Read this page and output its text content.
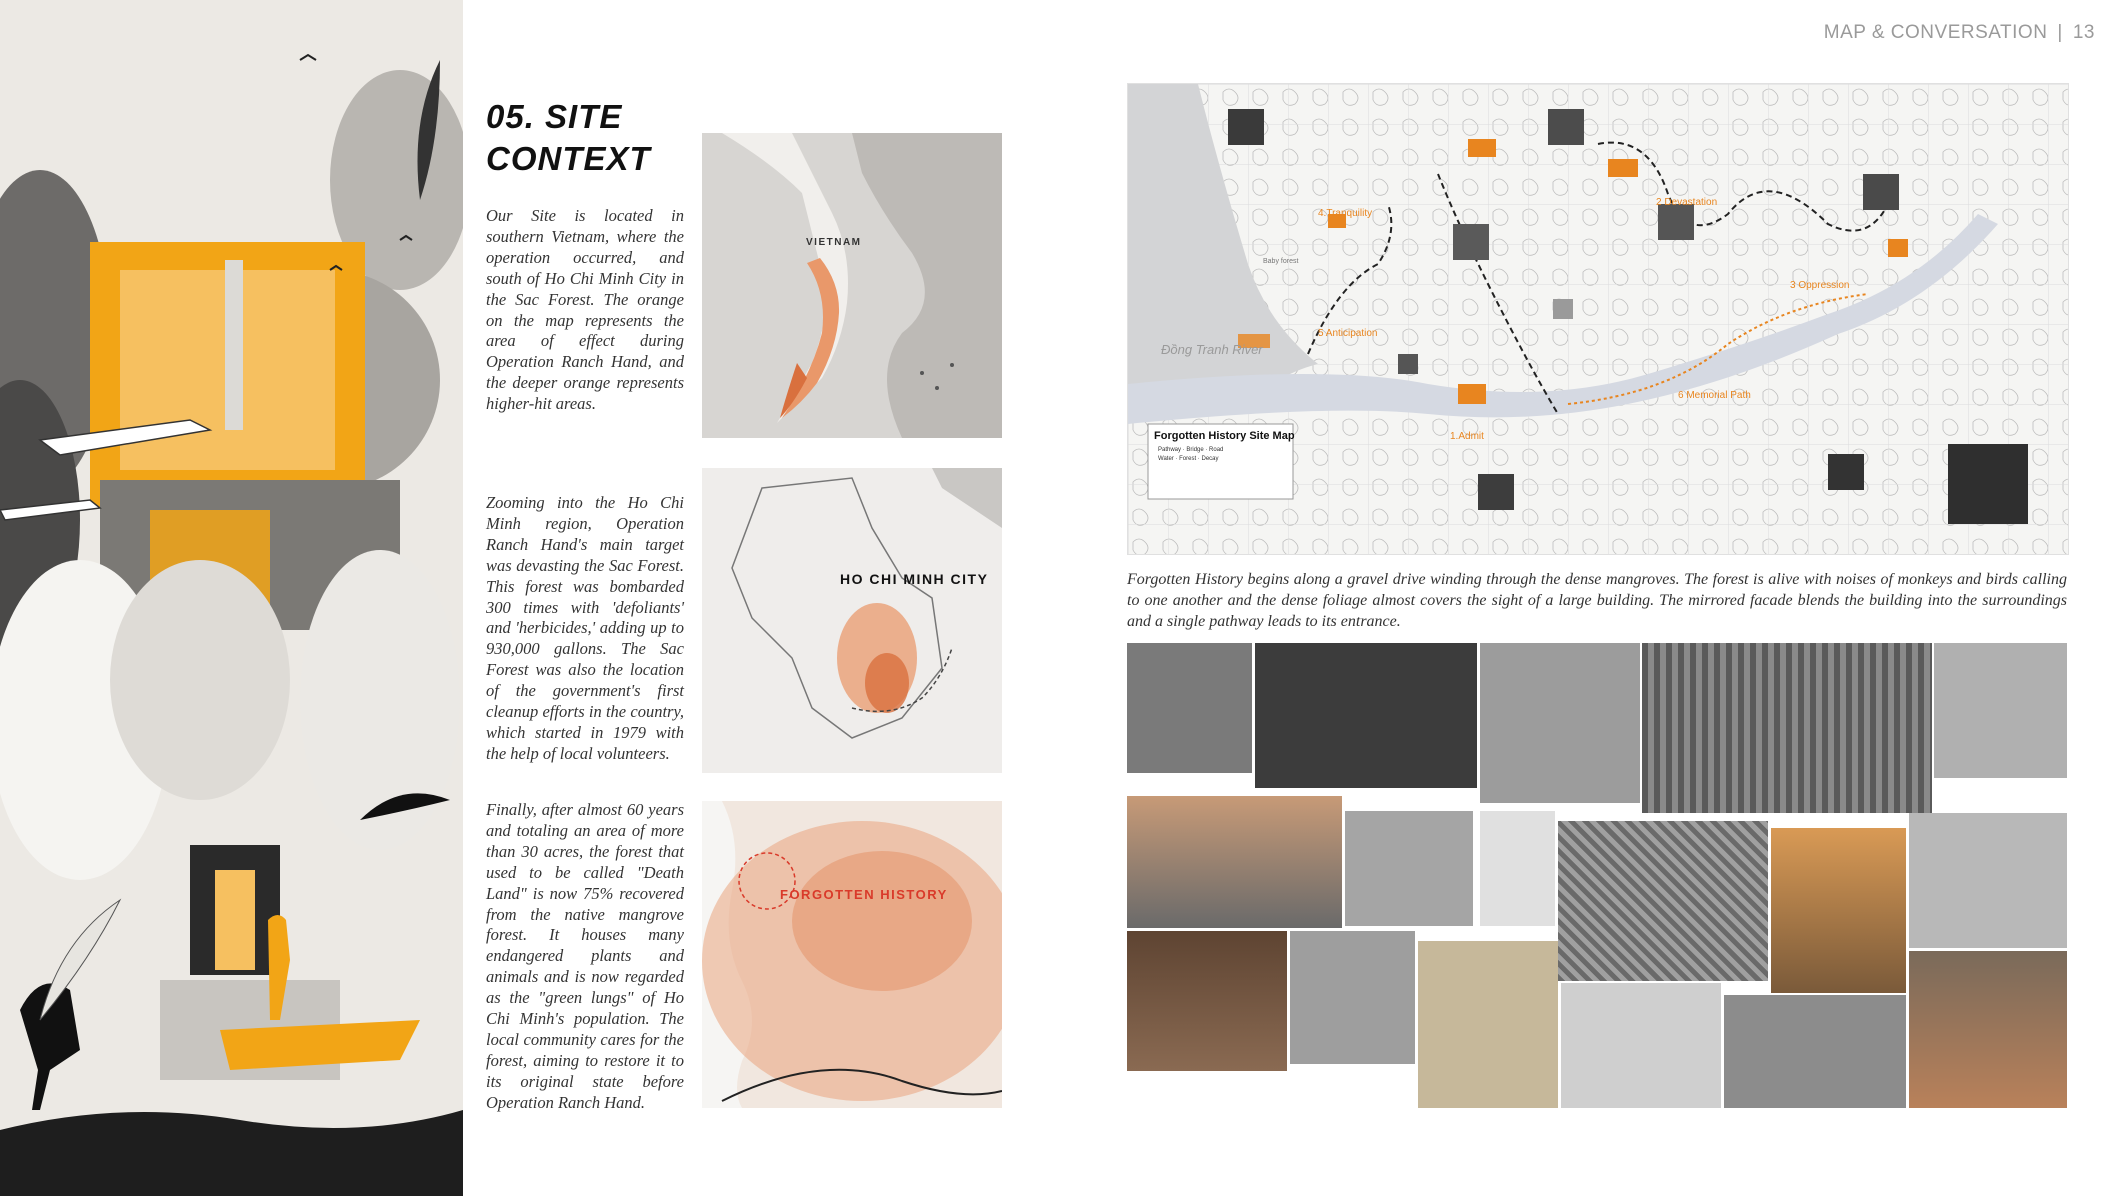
MAP & CONVERSATION | 13
05. SITE
CONTEXT
Our Site is located in southern Vietnam, where the operation occurred, and south of Ho Chi Minh City in the Sac Forest. The orange on the map represents the area of effect during Operation Ranch Hand, and the deeper orange represents higher-hit areas.
Zooming into the Ho Chi Minh region, Operation Ranch Hand's main target was devasting the Sac Forest. This forest was bombarded 300 times with 'defoliants' and 'herbicides,' adding up to 930,000 gallons. The Sac Forest was also the location of the government's first cleanup efforts in the country, which started in 1979 with the help of local volunteers.
Finally, after almost 60 years and totaling an area of more than 30 acres, the forest that used to be called "Death Land" is now 75% recovered from the native mangrove forest. It houses many endangered plants and animals and is now regarded as the "green lungs" of Ho Chi Minh's population. The local community cares for the forest, aiming to restore it to its original state before Operation Ranch Hand.
VIETNAM
HO CHI MINH CITY
FORGOTTEN HISTORY
Đồng Tranh River
Forgotten History Site Map
Pathway · Bridge · Road
Water · Forest · Decay
1.Admit
2 Devastation
3 Oppression
4.Tranquility
5 Anticipation
6 Memorial Path
Baby forest
Forgotten History begins along a gravel drive winding through the dense mangroves. The forest is alive with noises of monkeys and birds calling to one another and the dense foliage almost covers the sight of a large building. The mirrored facade blends the building into the surroundings and a single pathway leads to its entrance.
